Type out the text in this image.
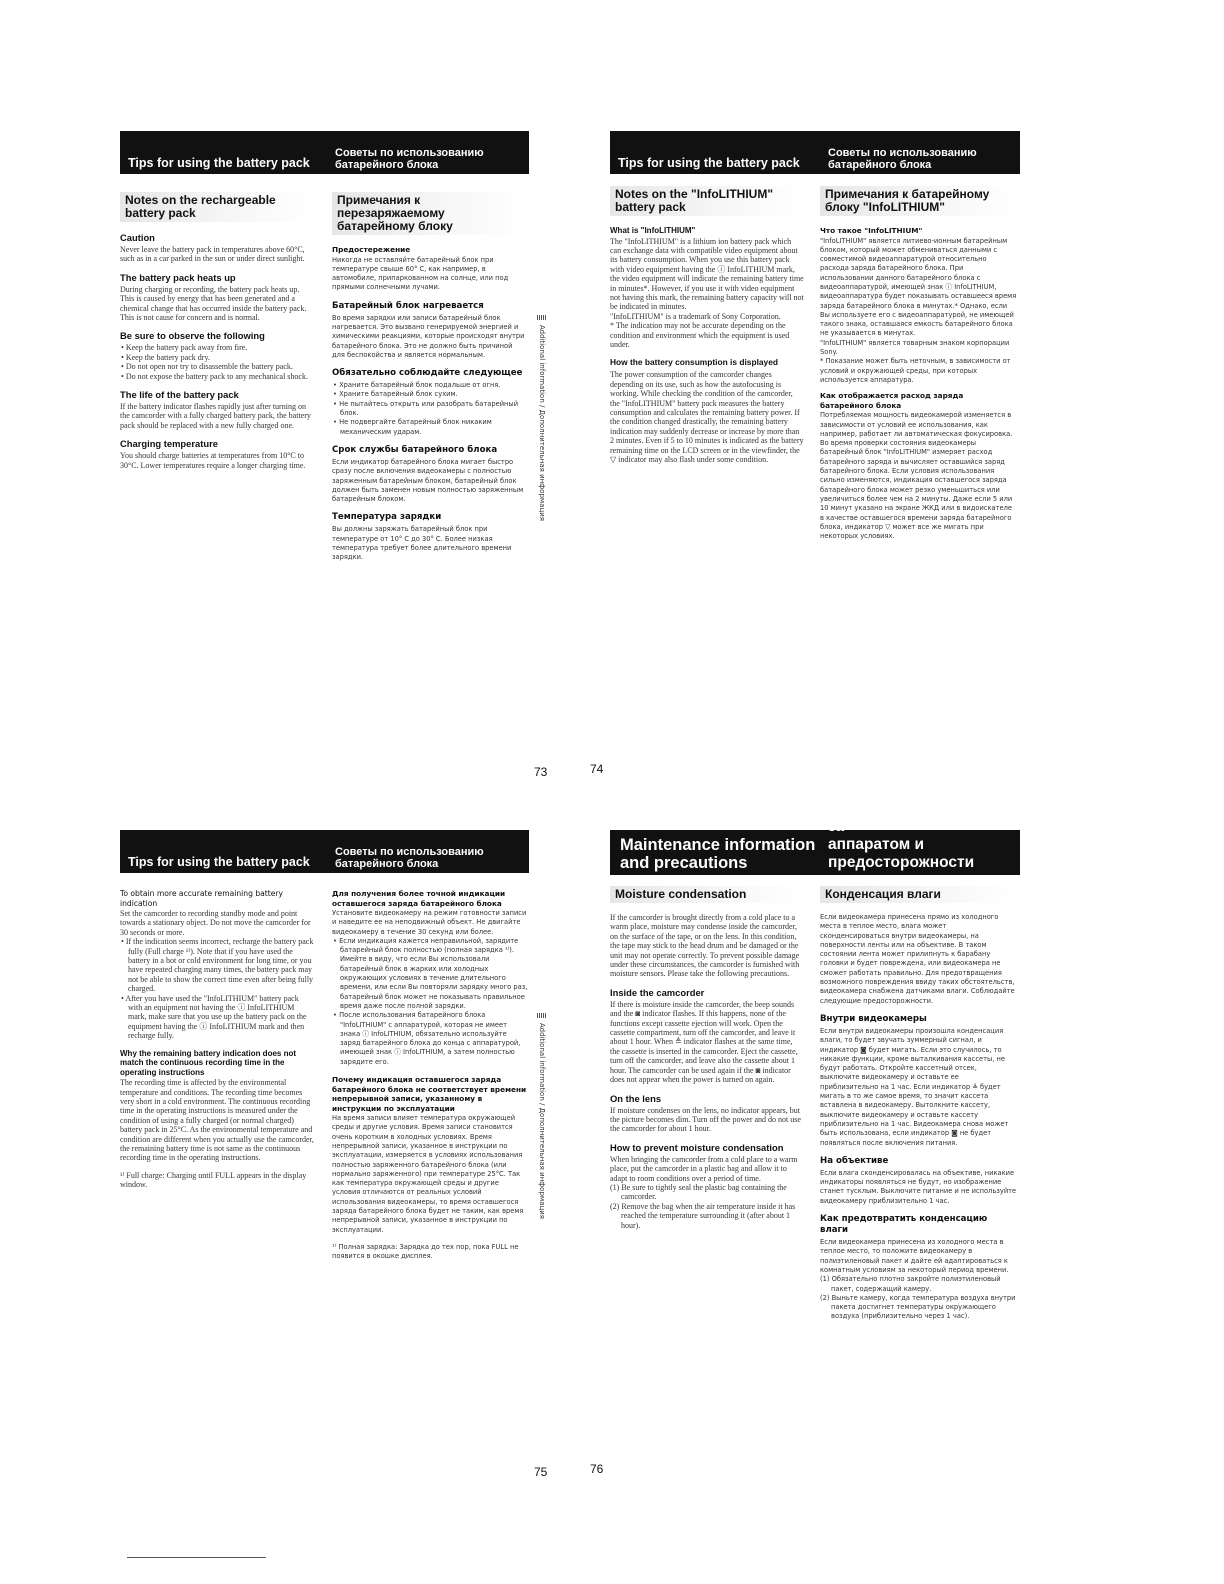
Tips for using the battery pack
Советы по использованию
батарейного блока
Notes on the rechargeable
battery pack
Caution

Never leave the battery pack in temperatures above 60°C, such as in a car parked in the sun or under direct sunlight.

The battery pack heats up

During charging or recording, the battery pack heats up. This is caused by energy that has been generated and a chemical change that has occurred inside the battery pack. This is not cause for concern and is normal.

Be sure to observe the following

• Keep the battery pack away from fire.

• Keep the battery pack dry.

• Do not open nor try to disassemble the battery pack.

• Do not expose the battery pack to any mechanical shock.

The life of the battery pack

If the battery indicator flashes rapidly just after turning on the camcorder with a fully charged battery pack, the battery pack should be replaced with a new fully charged one.

Charging temperature

You should charge batteries at temperatures from 10°C to 30°C. Lower temperatures require a longer charging time.

Примечания к перезаряжаемому
батарейному блоку
Предостережение

Никогда не оставляйте батарейный блок при температуре свыше 60° С, как например, в автомобиле, припаркованном на солнце, или под прямыми солнечными лучами.

Батарейный блок нагревается

Во время зарядки или записи батарейный блок нагревается. Это вызвано генерируемой энергией и химическими реакциями, которые происходят внутри батарейного блока. Это не должно быть причиной для беспокойства и является нормальным.

Обязательно соблюдайте следующее

• Храните батарейный блок подальше от огня.

• Храните батарейный блок сухим.

• Не пытайтесь открыть или разобрать батарейный блок.

• Не подвергайте батарейный блок никаким механическим ударам.

Срок службы батарейного блока

Если индикатор батарейного блока мигает быстро сразу после включения видеокамеры с полностью заряженным батарейным блоком, батарейный блок должен быть заменен новым полностью заряженным батарейным блоком.

Температура зарядки

Вы должны заряжать батарейный блок при температуре от 10° С до 30° С. Более низкая температура требует более длительного времени зарядки.

Additional information / Дополнительная информация
73
Tips for using the battery pack
Советы по использованию
батарейного блока
Notes on the "InfoLITHIUM"
battery pack
What is "InfoLITHIUM"

The "InfoLITHIUM" is a lithium ion battery pack which can exchange data with compatible video equipment about its battery consumption. When you use this battery pack with video equipment having the ⓘ InfoLITHIUM mark, the video equipment will indicate the remaining battery time in minutes*. However, if you use it with video equipment not having this mark, the remaining battery capacity will not be indicated in minutes.

"InfoLITHIUM" is a trademark of Sony Corporation.

* The indication may not be accurate depending on the condition and environment which the equipment is used under.

How the battery consumption is displayed

The power consumption of the camcorder changes depending on its use, such as how the autofocusing is working. While checking the condition of the camcorder, the "InfoLITHIUM" battery pack measures the battery consumption and calculates the remaining battery power. If the condition changed drastically, the remaining battery indication may suddenly decrease or increase by more than 2 minutes. Even if 5 to 10 minutes is indicated as the battery remaining time on the LCD screen or in the viewfinder, the ▽ indicator may also flash under some condition.

Примечания к батарейному
блоку "InfoLITHIUM"
Что такое "InfoLITHIUM"

"InfoLITHIUM" является литиево-ионным батарейным блоком, который может обмениваться данными с совместимой видеоаппаратурой относительно расхода заряда батарейного блока. При использовании данного батарейного блока с видеоаппаратурой, имеющей знак ⓘ InfoLITHIUM, видеоаппаратура будет показывать оставшееся время заряда батарейного блока в минутах.* Однако, если Вы используете его с видеоаппаратурой, не имеющей такого знака, оставшаяся емкость батарейного блока не указывается в минутах.

"InfoLITHIUM" является товарным знаком корпорации Sony.

* Показание может быть неточным, в зависимости от условий и окружающей среды, при которых используется аппаратура.

Как отображается расход заряда батарейного блока

Потребляемая мощность видеокамерой изменяется в зависимости от условий ее использования, как например, работает ли автоматическая фокусировка. Во время проверки состояния видеокамеры батарейный блок "InfoLITHIUM" измеряет расход батарейного заряда и вычисляет оставшийся заряд батарейного блока. Если условия использования сильно изменяются, индикация оставшегося заряда батарейного блока может резко уменьшиться или увеличиться более чем на 2 минуты. Даже если 5 или 10 минут указано на экране ЖКД или в видоискателе в качестве оставшегося времени заряда батарейного блока, индикатор ▽ может все же мигать при некоторых условиях.

74
Tips for using the battery pack
Советы по использованию
батарейного блока
To obtain more accurate remaining battery indication

Set the camcorder to recording standby mode and point towards a stationary object. Do not move the camcorder for 30 seconds or more.

• If the indication seems incorrect, recharge the battery pack fully (Full charge ¹⁾). Note that if you have used the battery in a hot or cold environment for long time, or you have repeated charging many times, the battery pack may not be able to show the correct time even after being fully charged.

• After you have used the "InfoLITHIUM" battery pack with an equipment not having the ⓘ InfoLITHIUM mark, make sure that you use up the battery pack on the equipment having the ⓘ InfoLITHIUM mark and then recharge fully.

Why the remaining battery indication does not match the continuous recording time in the operating instructions

The recording time is affected by the environmental temperature and conditions. The recording time becomes very short in a cold environment. The continuous recording time in the operating instructions is measured under the condition of using a fully charged (or normal charged) battery pack in 25°C. As the environmental temperature and condition are different when you actually use the camcorder, the remaining battery time is not same as the continuous recording time in the operating instructions.

¹⁾ Full charge: Charging until FULL appears in the display window.

Для получения более точной индикации оставшегося заряда батарейного блока

Установите видеокамеру на режим готовности записи и наведите ее на неподвижный объект. Не двигайте видеокамеру в течение 30 секунд или более.

• Если индикация кажется неправильной, зарядите батарейный блок полностью (полная зарядка ¹⁾). Имейте в виду, что если Вы использовали батарейный блок в жарких или холодных окружающих условиях в течение длительного времени, или если Вы повторяли зарядку много раз, батарейный блок может не показывать правильное время даже после полной зарядки.

• После использования батарейного блока "InfoLITHIUM" с аппаратурой, которая не имеет знака ⓘ InfoLITHIUM, обязательно используйте заряд батарейного блока до конца с аппаратурой, имеющей знак ⓘ InfoLITHIUM, а затем полностью зарядите его.

Почему индикация оставшегося заряда батарейного блока не соответствует времени непрерывной записи, указанному в инструкции по эксплуатации

На время записи влияет температура окружающей среды и другие условия. Время записи становится очень коротким в холодных условиях. Время непрерывной записи, указанное в инструкции по эксплуатации, измеряется в условиях использования полностью заряженного батарейного блока (или нормально заряженного) при температуре 25°С. Так как температура окружающей среды и другие условия отличаются от реальных условий использования видеокамеры, то время оставшегося заряда батарейного блока будет не таким, как время непрерывной записи, указанное в инструкции по эксплуатации.

¹⁾ Полная зарядка: Зарядка до тех пор, пока FULL не появится в окошке дисплея.

Additional information / Дополнительная информация
75
Maintenance information
and precautions
Информация по уходу за
аппаратом и предосторожности
Moisture condensation

If the camcorder is brought directly from a cold place to a warm place, moisture may condense inside the camcorder, on the surface of the tape, or on the lens. In this condition, the tape may stick to the head drum and be damaged or the unit may not operate correctly. To prevent possible damage under these circumstances, the camcorder is furnished with moisture sensors. Please take the following precautions.

Inside the camcorder

If there is moisture inside the camcorder, the beep sounds and the ◙ indicator flashes. If this happens, none of the functions except cassette ejection will work. Open the cassette compartment, turn off the camcorder, and leave it about 1 hour. When ≜ indicator flashes at the same time, the cassette is inserted in the camcorder. Eject the cassette, turn off the camcorder, and leave also the cassette about 1 hour. The camcorder can be used again if the ◙ indicator does not appear when the power is turned on again.

On the lens

If moisture condenses on the lens, no indicator appears, but the picture becomes dim. Turn off the power and do not use the camcorder for about 1 hour.

How to prevent moisture condensation

When bringing the camcorder from a cold place to a warm place, put the camcorder in a plastic bag and allow it to adapt to room conditions over a period of time.

(1) Be sure to tightly seal the plastic bag containing the camcorder.

(2) Remove the bag when the air temperature inside it has reached the temperature surrounding it (after about 1 hour).

Конденсация влаги

Если видеокамера принесена прямо из холодного места в теплое место, влага может сконденсироваться внутри видеокамеры, на поверхности ленты или на объективе. В таком состоянии лента может прилипнуть к барабану головки и будет повреждена, или видеокамера не сможет работать правильно. Для предотвращения возможного повреждения ввиду таких обстоятельств, видеокамера снабжена датчиками влаги. Соблюдайте следующие предосторожности.

Внутри видеокамеры

Если внутри видеокамеры произошла конденсация влаги, то будет звучать зуммерный сигнал, и индикатор ◙ будет мигать. Если это случилось, то никакие функции, кроме выталкивания кассеты, не будут работать. Откройте кассетный отсек, выключите видеокамеру и оставьте ее приблизительно на 1 час. Если индикатор ≜ будет мигать в то же самое время, то значит кассета вставлена в видеокамеру. Вытолкните кассету, выключите видеокамеру и оставьте кассету приблизительно на 1 час. Видеокамера снова может быть использована, если индикатор ◙ не будет появляться после включения питания.

На объективе

Если влага сконденсировалась на объективе, никакие индикаторы появляться не будут, но изображение станет тусклым. Выключите питание и не используйте видеокамеру приблизительно 1 час.

Как предотвратить конденсацию влаги

Если видеокамера принесена из холодного места в теплое место, то положите видеокамеру в полиэтиленовый пакет и дайте ей адаптироваться к комнатным условиям за некоторый период времени.

(1) Обязательно плотно закройте полиэтиленовый пакет, содержащий камеру.

(2) Выньте камеру, когда температура воздуха внутри пакета достигнет температуры окружающего воздуха (приблизительно через 1 час).

76
